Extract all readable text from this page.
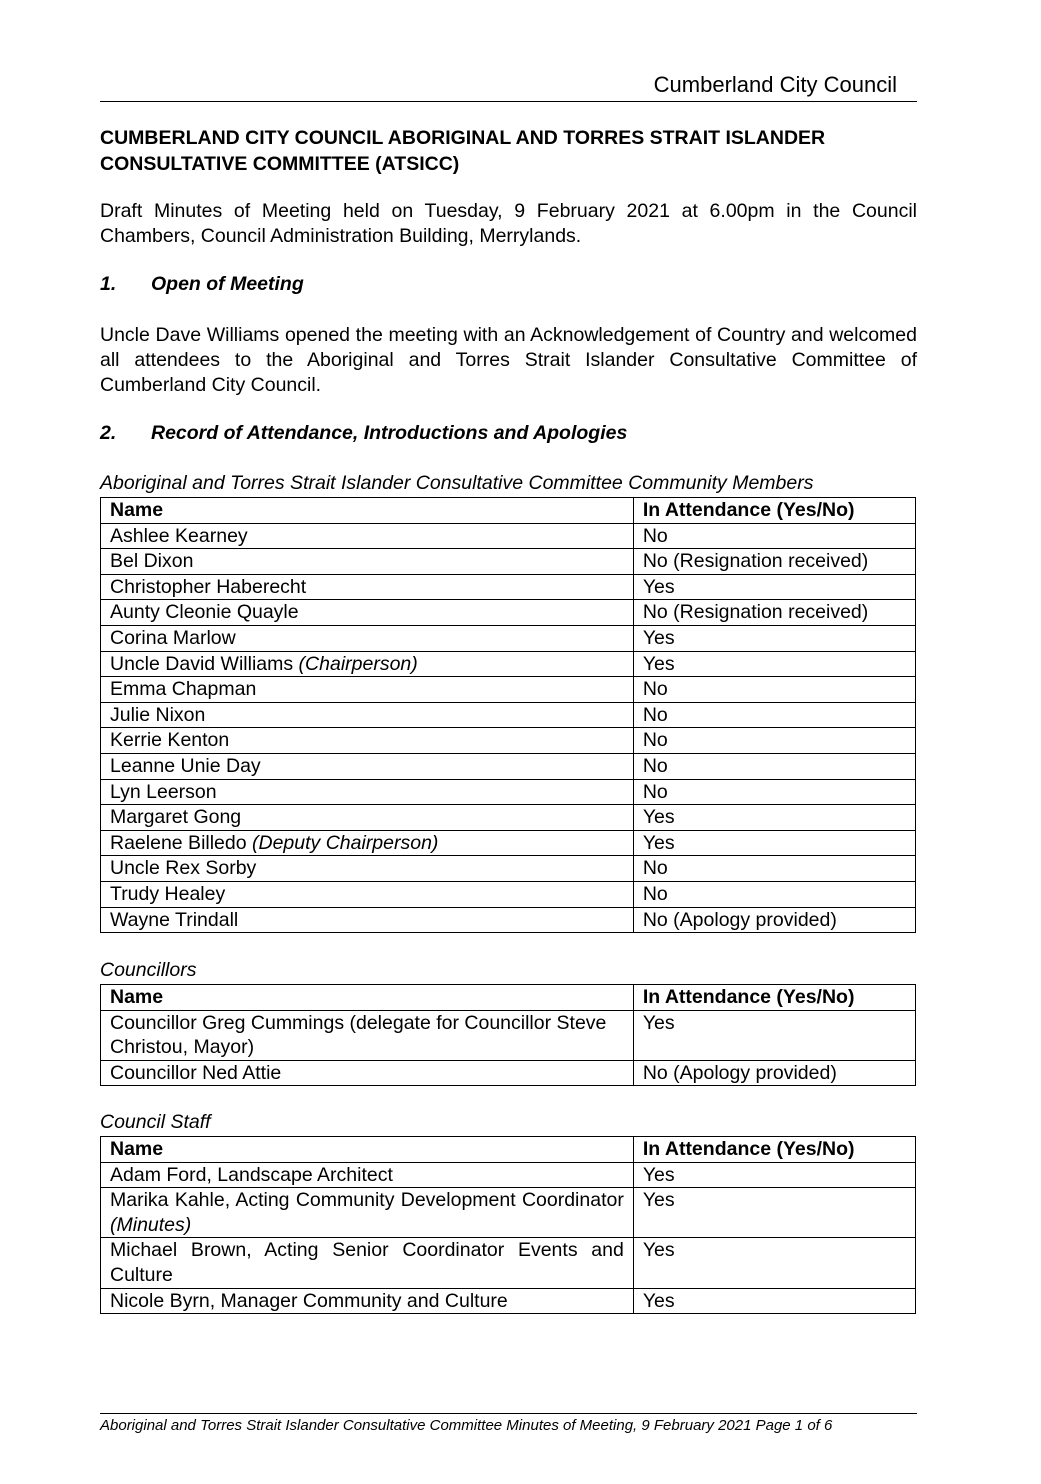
Cumberland City Council
CUMBERLAND CITY COUNCIL ABORIGINAL AND TORRES STRAIT ISLANDER CONSULTATIVE COMMITTEE (ATSICC)
Draft Minutes of Meeting held on Tuesday, 9 February 2021 at 6.00pm in the Council Chambers, Council Administration Building, Merrylands.
1. Open of Meeting
Uncle Dave Williams opened the meeting with an Acknowledgement of Country and welcomed all attendees to the Aboriginal and Torres Strait Islander Consultative Committee of Cumberland City Council.
2. Record of Attendance, Introductions and Apologies
Aboriginal and Torres Strait Islander Consultative Committee Community Members
Name	In Attendance (Yes/No)
Ashlee Kearney	No
Bel Dixon	No (Resignation received)
Christopher Haberecht	Yes
Aunty Cleonie Quayle	No (Resignation received)
Corina Marlow	Yes
Uncle David Williams (Chairperson)	Yes
Emma Chapman	No
Julie Nixon	No
Kerrie Kenton	No
Leanne Unie Day	No
Lyn Leerson	No
Margaret Gong	Yes
Raelene Billedo (Deputy Chairperson)	Yes
Uncle Rex Sorby	No
Trudy Healey	No
Wayne Trindall	No (Apology provided)
Councillors
Name	In Attendance (Yes/No)
Councillor Greg Cummings (delegate for Councillor Steve Christou, Mayor)	Yes
Councillor Ned Attie	No (Apology provided)
Council Staff
Name	In Attendance (Yes/No)
Adam Ford, Landscape Architect	Yes
Marika Kahle, Acting Community Development Coordinator (Minutes)	Yes
Michael Brown, Acting Senior Coordinator Events and Culture	Yes
Nicole Byrn, Manager Community and Culture	Yes
Aboriginal and Torres Strait Islander Consultative Committee Minutes of Meeting, 9 February 2021 Page 1 of 6
